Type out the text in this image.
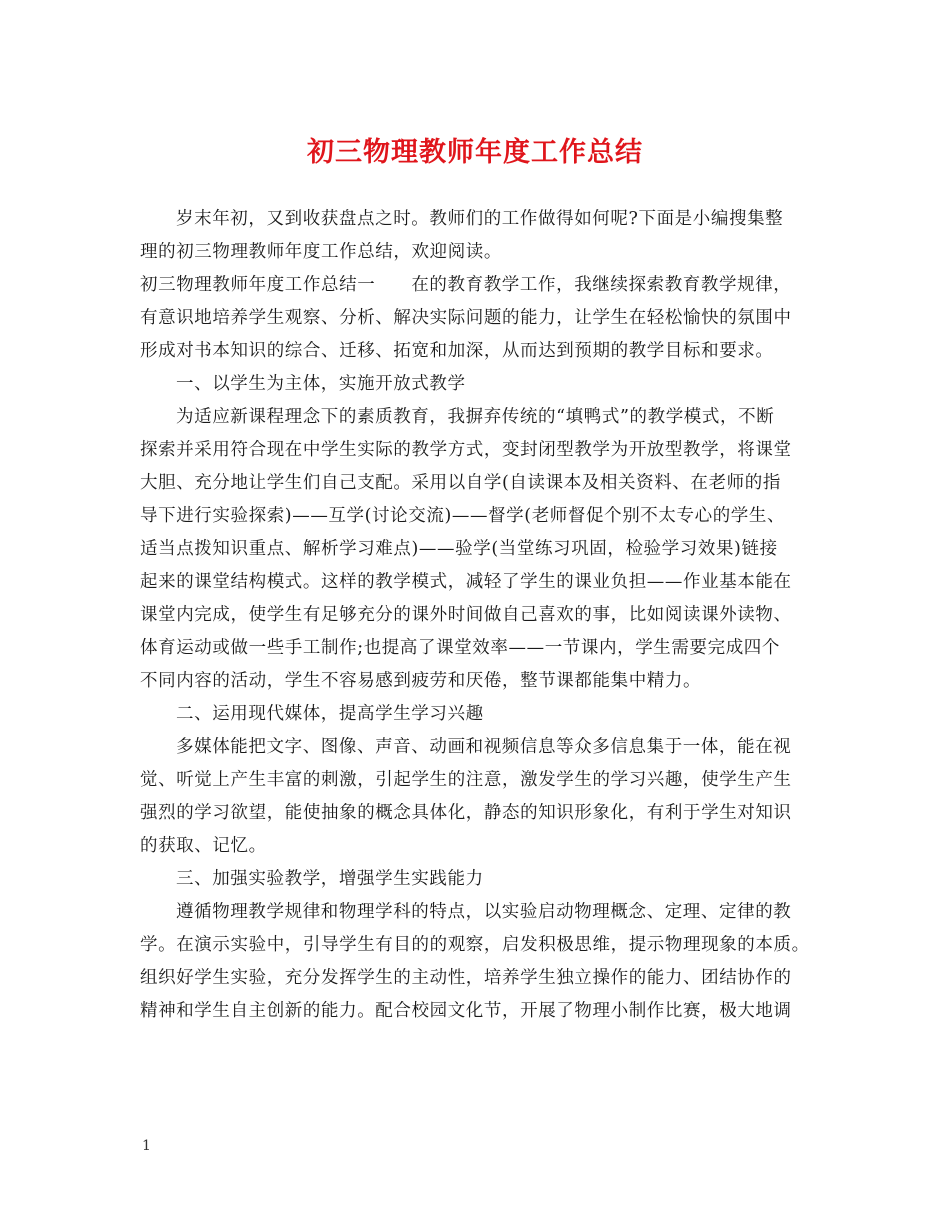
初三物理教师年度工作总结
岁末年初，又到收获盘点之时。教师们的工作做得如何呢?下面是小编搜集整
理的初三物理教师年度工作总结，欢迎阅读。
初三物理教师年度工作总结一 在的教育教学工作，我继续探索教育教学规律，
有意识地培养学生观察、分析、解决实际问题的能力，让学生在轻松愉快的氛围中
形成对书本知识的综合、迁移、拓宽和加深，从而达到预期的教学目标和要求。
一、以学生为主体，实施开放式教学
为适应新课程理念下的素质教育，我摒弃传统的“填鸭式”的教学模式，不断
探索并采用符合现在中学生实际的教学方式，变封闭型教学为开放型教学，将课堂
大胆、充分地让学生们自己支配。采用以自学(自读课本及相关资料、在老师的指
导下进行实验探索)——互学(讨论交流)——督学(老师督促个别不太专心的学生、
适当点拨知识重点、解析学习难点)——验学(当堂练习巩固，检验学习效果)链接
起来的课堂结构模式。这样的教学模式，减轻了学生的课业负担——作业基本能在
课堂内完成，使学生有足够充分的课外时间做自己喜欢的事，比如阅读课外读物、
体育运动或做一些手工制作;也提高了课堂效率——一节课内，学生需要完成四个
不同内容的活动，学生不容易感到疲劳和厌倦，整节课都能集中精力。
二、运用现代媒体，提高学生学习兴趣
多媒体能把文字、图像、声音、动画和视频信息等众多信息集于一体，能在视
觉、听觉上产生丰富的刺激，引起学生的注意，激发学生的学习兴趣，使学生产生
强烈的学习欲望，能使抽象的概念具体化，静态的知识形象化，有利于学生对知识
的获取、记忆。
三、加强实验教学，增强学生实践能力
遵循物理教学规律和物理学科的特点，以实验启动物理概念、定理、定律的教
学。在演示实验中，引导学生有目的的观察，启发积极思维，提示物理现象的本质。
组织好学生实验，充分发挥学生的主动性，培养学生独立操作的能力、团结协作的
精神和学生自主创新的能力。配合校园文化节，开展了物理小制作比赛，极大地调
1
